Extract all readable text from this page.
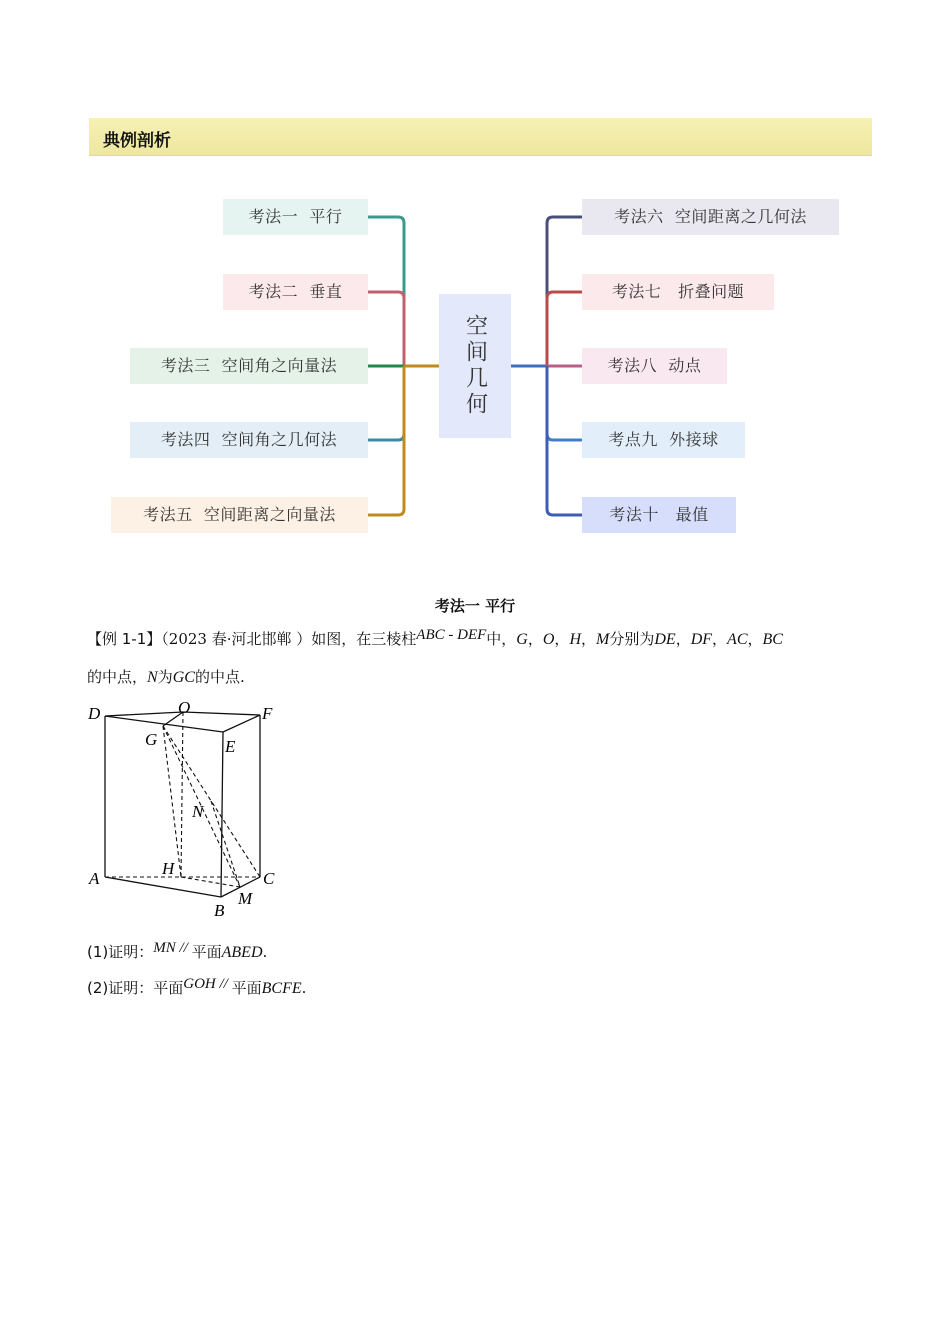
典例剖析
考法一  平行
考法二  垂直
考法三  空间角之向量法
考法四  空间角之几何法
考法五  空间距离之向量法
空间几何
考法六  空间距离之几何法
考法七   折叠问题
考法八  动点
考点九  外接球
考法十   最值
考法一 平行
【例 1-1】（2023 春·河北邯郸 ）如图，在三棱柱ABC - DEF中，G，O，H，M分别为DE，DF，AC，BC
的中点，N为GC的中点.
D	O	F
G	E
N
H
A	C
M
B
(1)证明：MN // 平面ABED.
(2)证明：平面GOH // 平面BCFE.
